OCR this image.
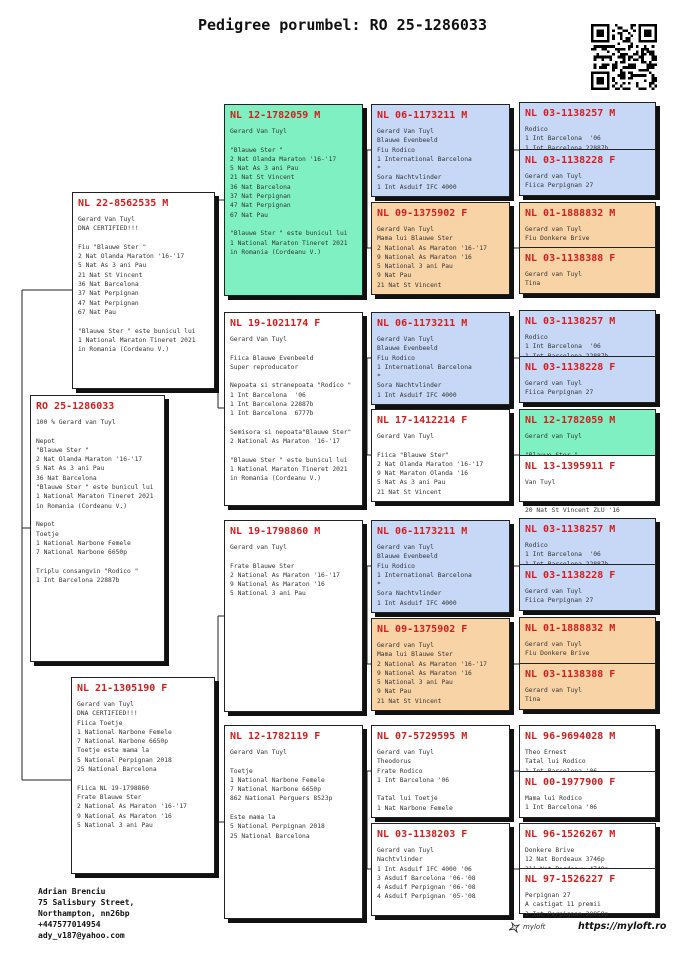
Pedigree porumbel: RO 25-1286033
RO 25-1286033
100 % Gerard van Tuyl
Nepot
"Blauwe Ster "
2 Nat Olanda Maraton '16-'17
5 Nat As 3 ani Pau
36 Nat Barcelona
"Blauwe Ster " este bunicul lui
1 National Maraton Tineret 2021
in Romania (Cordeanu V.)
Nepot
Toetje
1 National Narbone Femele
7 National Narbone 6650p
Triplu consangvin "Rodico "
1 Int Barcelona 22887b
NL 22-8562535 M
Gerard Van Tuyl
DNA CERTIFIED!!!
Fiu "Blauwe Ster "
2 Nat Olanda Maraton '16-'17
5 Nat As 3 ani Pau
21 Nat St Vincent
36 Nat Barcelona
37 Nat Perpignan
47 Nat Perpignan
67 Nat Pau
"Blauwe Ster " este bunicul lui
1 National Maraton Tineret 2021
in Romania (Cordeanu V.)
NL 21-1305190 F
Gerard van Tuyl
DNA CERTIFIED!!!
Fiica Toetje
1 National Narbone Femele
7 National Narbone 6650p
Toetje este mama la
5 National Perpignan 2018
25 National Barcelona
Fiica NL 19-1798860
Frate Blauwe Ster
2 National As Maraton '16-'17
9 National As Maraton '16
5 National 3 ani Pau
NL 12-1782059 M
Gerard Van Tuyl
"Blauwe Ster "
2 Nat Olanda Maraton '16-'17
5 Nat As 3 ani Pau
21 Nat St Vincent
36 Nat Barcelona
37 Nat Perpignan
47 Nat Perpignan
67 Nat Pau
"Blauwe Ster " este bunicul lui
1 National Maraton Tineret 2021
in Romania (Cordeanu V.)
NL 19-1021174 F
Gerard Van Tuyl
Fiica Blauwe Evenbeeld
Super reproducator
Nepoata si stranepoata "Rodico "
1 Int Barcelona  '06
1 Int Barcelona 22887b
1 Int Barcelona  6777b
Semisora si nepoata"Blauwe Ster"
2 National As Maraton '16-'17
"Blauwe Ster " este bunicul lui
1 National Maraton Tineret 2021
in Romania (Cordeanu V.)
NL 19-1798860 M
Gerard van Tuyl
Frate Blauwe Ster
2 National As Maraton '16-'17
9 National As Maraton '16
5 National 3 ani Pau
NL 12-1782119 F
Gerard Van Tuyl
Toetje
1 National Narbone Femele
7 National Narbone 6650p
862 National Perguers 8523p
Este mama la
5 National Perpignan 2018
25 National Barcelona
NL 06-1173211 M
Gerard Van Tuyl
Blauwe Evenbeeld
Fiu Rodico
1 International Barcelona
*
Sora Nachtvlinder
1 Int Asduif IFC 4000
NL 09-1375902 F
Gerard Van Tuyl
Mama lui Blauwe Ster
2 National As Maraton '16-'17
9 National As Maraton '16
5 National 3 ani Pau
9 Nat Pau
21 Nat St Vincent
NL 06-1173211 M
Gerard Van Tuyl
Blauwe Evenbeeld
Fiu Rodico
1 International Barcelona
*
Sora Nachtvlinder
1 Int Asduif IFC 4000
NL 17-1412214 F
Gerard Van Tuyl
Fiica "Blauwe Ster"
2 Nat Olanda Maraton '16-'17
9 Nat Maraton Olanda '16
5 Nat As 3 ani Pau
21 Nat St Vincent
NL 06-1173211 M
Gerard van Tuyl
Blauwe Evenbeeld
Fiu Rodico
1 International Barcelona
*
Sora Nachtvlinder
1 Int Asduif IFC 4000
NL 09-1375902 F
Gerard van Tuyl
Mama lui Blauwe Ster
2 National As Maraton '16-'17
9 National As Maraton '16
5 National 3 ani Pau
9 Nat Pau
21 Nat St Vincent
NL 07-5729595 M
Gerard van Tuyl
Theodorus
Frate Rodico
1 Int Barcelona '06
Tatal lui Toetje
1 Nat Narbone Femele
NL 03-1138203 F
Gerard van Tuyl
Nachtvlinder
1 Int Asduif IFC 4000 '06
3 Asduif Barcelona '06-'08
4 Asduif Perpignan '06-'08
4 Asduif Perpignan '05-'08
NL 03-1138257 M
Rodico
1 Int Barcelona  '06
NL 03-1138228 F
Gerard van Tuyl
Fiica Perpignan 27
NL 01-1888832 M
Gerard van Tuyl
Fiu Donkere Brive
NL 03-1138388 F
Gerard van Tuyl
Tina
NL 03-1138257 M
Rodico
1 Int Barcelona  '06
NL 03-1138228 F
Gerard van Tuyl
Fiica Perpignan 27
NL 12-1782059 M
Gerard van Tuyl
NL 13-1395911 F
Van Tuyl
20 Nat St Vincent ZLU '16
NL 03-1138257 M
Rodico
1 Int Barcelona  '06
NL 03-1138228 F
Gerard van Tuyl
Fiica Perpignan 27
NL 01-1888832 M
Gerard van Tuyl
Fiu Donkere Brive
NL 03-1138388 F
Gerard van Tuyl
Tina
NL 96-9694028 M
Theo Ernest
Tatal lui Rodico
NL 00-1977900 F
Mama lui Rodico
1 Int Barcelona '06
NL 96-1526267 M
Donkere Brive
12 Nat Bordeaux 3746p
NL 97-1526227 F
Perpignan 27
A castigat 11 premii
3 Int Perpignan 20859p
Adrian Brenciu
75 Salisbury Street,
Northampton, nn26bp
+447577014954
ady_v187@yahoo.com
myloft	https://myloft.ro
